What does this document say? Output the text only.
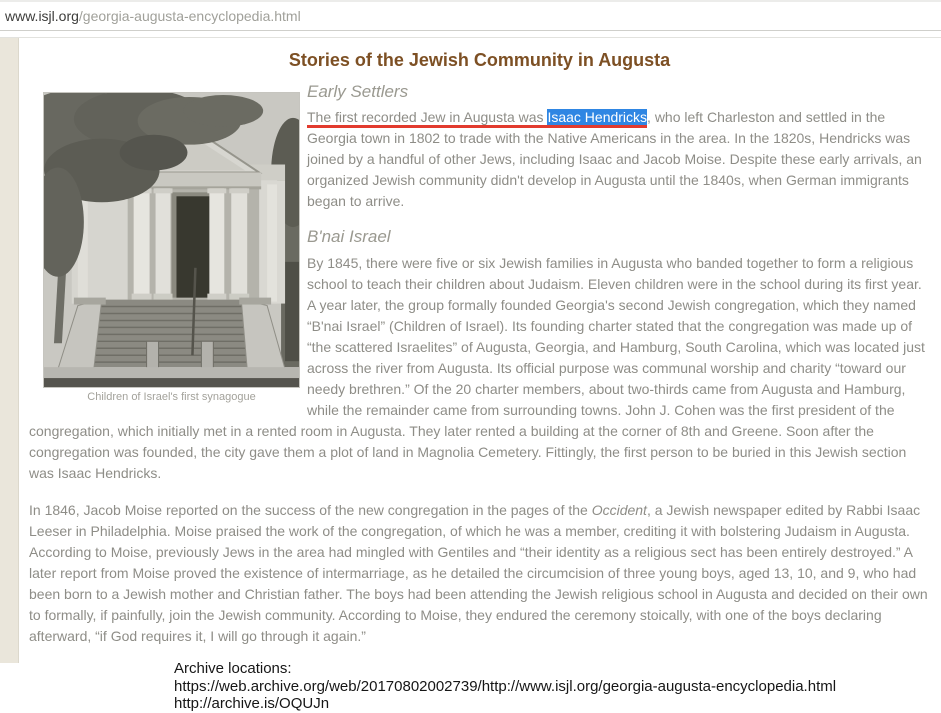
www.isjl.org /georgia-augusta-encyclopedia.html
Stories of the Jewish Community in Augusta
Children of Israel's first synagogue
Early Settlers

The first recorded Jew in Augusta was Isaac Hendricks, who left Charleston and settled in the Georgia town in 1802 to trade with the Native Americans in the area. In the 1820s, Hendricks was joined by a handful of other Jews, including Isaac and Jacob Moise. Despite these early arrivals, an organized Jewish community didn't develop in Augusta until the 1840s, when German immigrants began to arrive.

B'nai Israel

By 1845, there were five or six Jewish families in Augusta who banded together to form a religious school to teach their children about Judaism. Eleven children were in the school during its first year. A year later, the group formally founded Georgia's second Jewish congregation, which they named “B'nai Israel” (Children of Israel). Its founding charter stated that the congregation was made up of “the scattered Israelites” of Augusta, Georgia, and Hamburg, South Carolina, which was located just across the river from Augusta. Its official purpose was communal worship and charity “toward our needy brethren.” Of the 20 charter members, about two-thirds came from Augusta and Hamburg, while the remainder came from surrounding towns. John J. Cohen was the first president of the congregation, which initially met in a rented room in Augusta. They later rented a building at the corner of 8th and Greene. Soon after the congregation was founded, the city gave them a plot of land in Magnolia Cemetery. Fittingly, the first person to be buried in this Jewish section was Isaac Hendricks.

In 1846, Jacob Moise reported on the success of the new congregation in the pages of the Occident, a Jewish newspaper edited by Rabbi Isaac Leeser in Philadelphia. Moise praised the work of the congregation, of which he was a member, crediting it with bolstering Judaism in Augusta. According to Moise, previously Jews in the area had mingled with Gentiles and “their identity as a religious sect has been entirely destroyed.” A later report from Moise proved the existence of intermarriage, as he detailed the circumcision of three young boys, aged 13, 10, and 9, who had been born to a Jewish mother and Christian father. The boys had been attending the Jewish religious school in Augusta and decided on their own to formally, if painfully, join the Jewish community. According to Moise, they endured the ceremony stoically, with one of the boys declaring afterward, “if God requires it, I will go through it again.”

Archive locations:
https://web.archive.org/web/20170802002739/http://www.isjl.org/georgia-augusta-encyclopedia.html
http://archive.is/OQUJn
